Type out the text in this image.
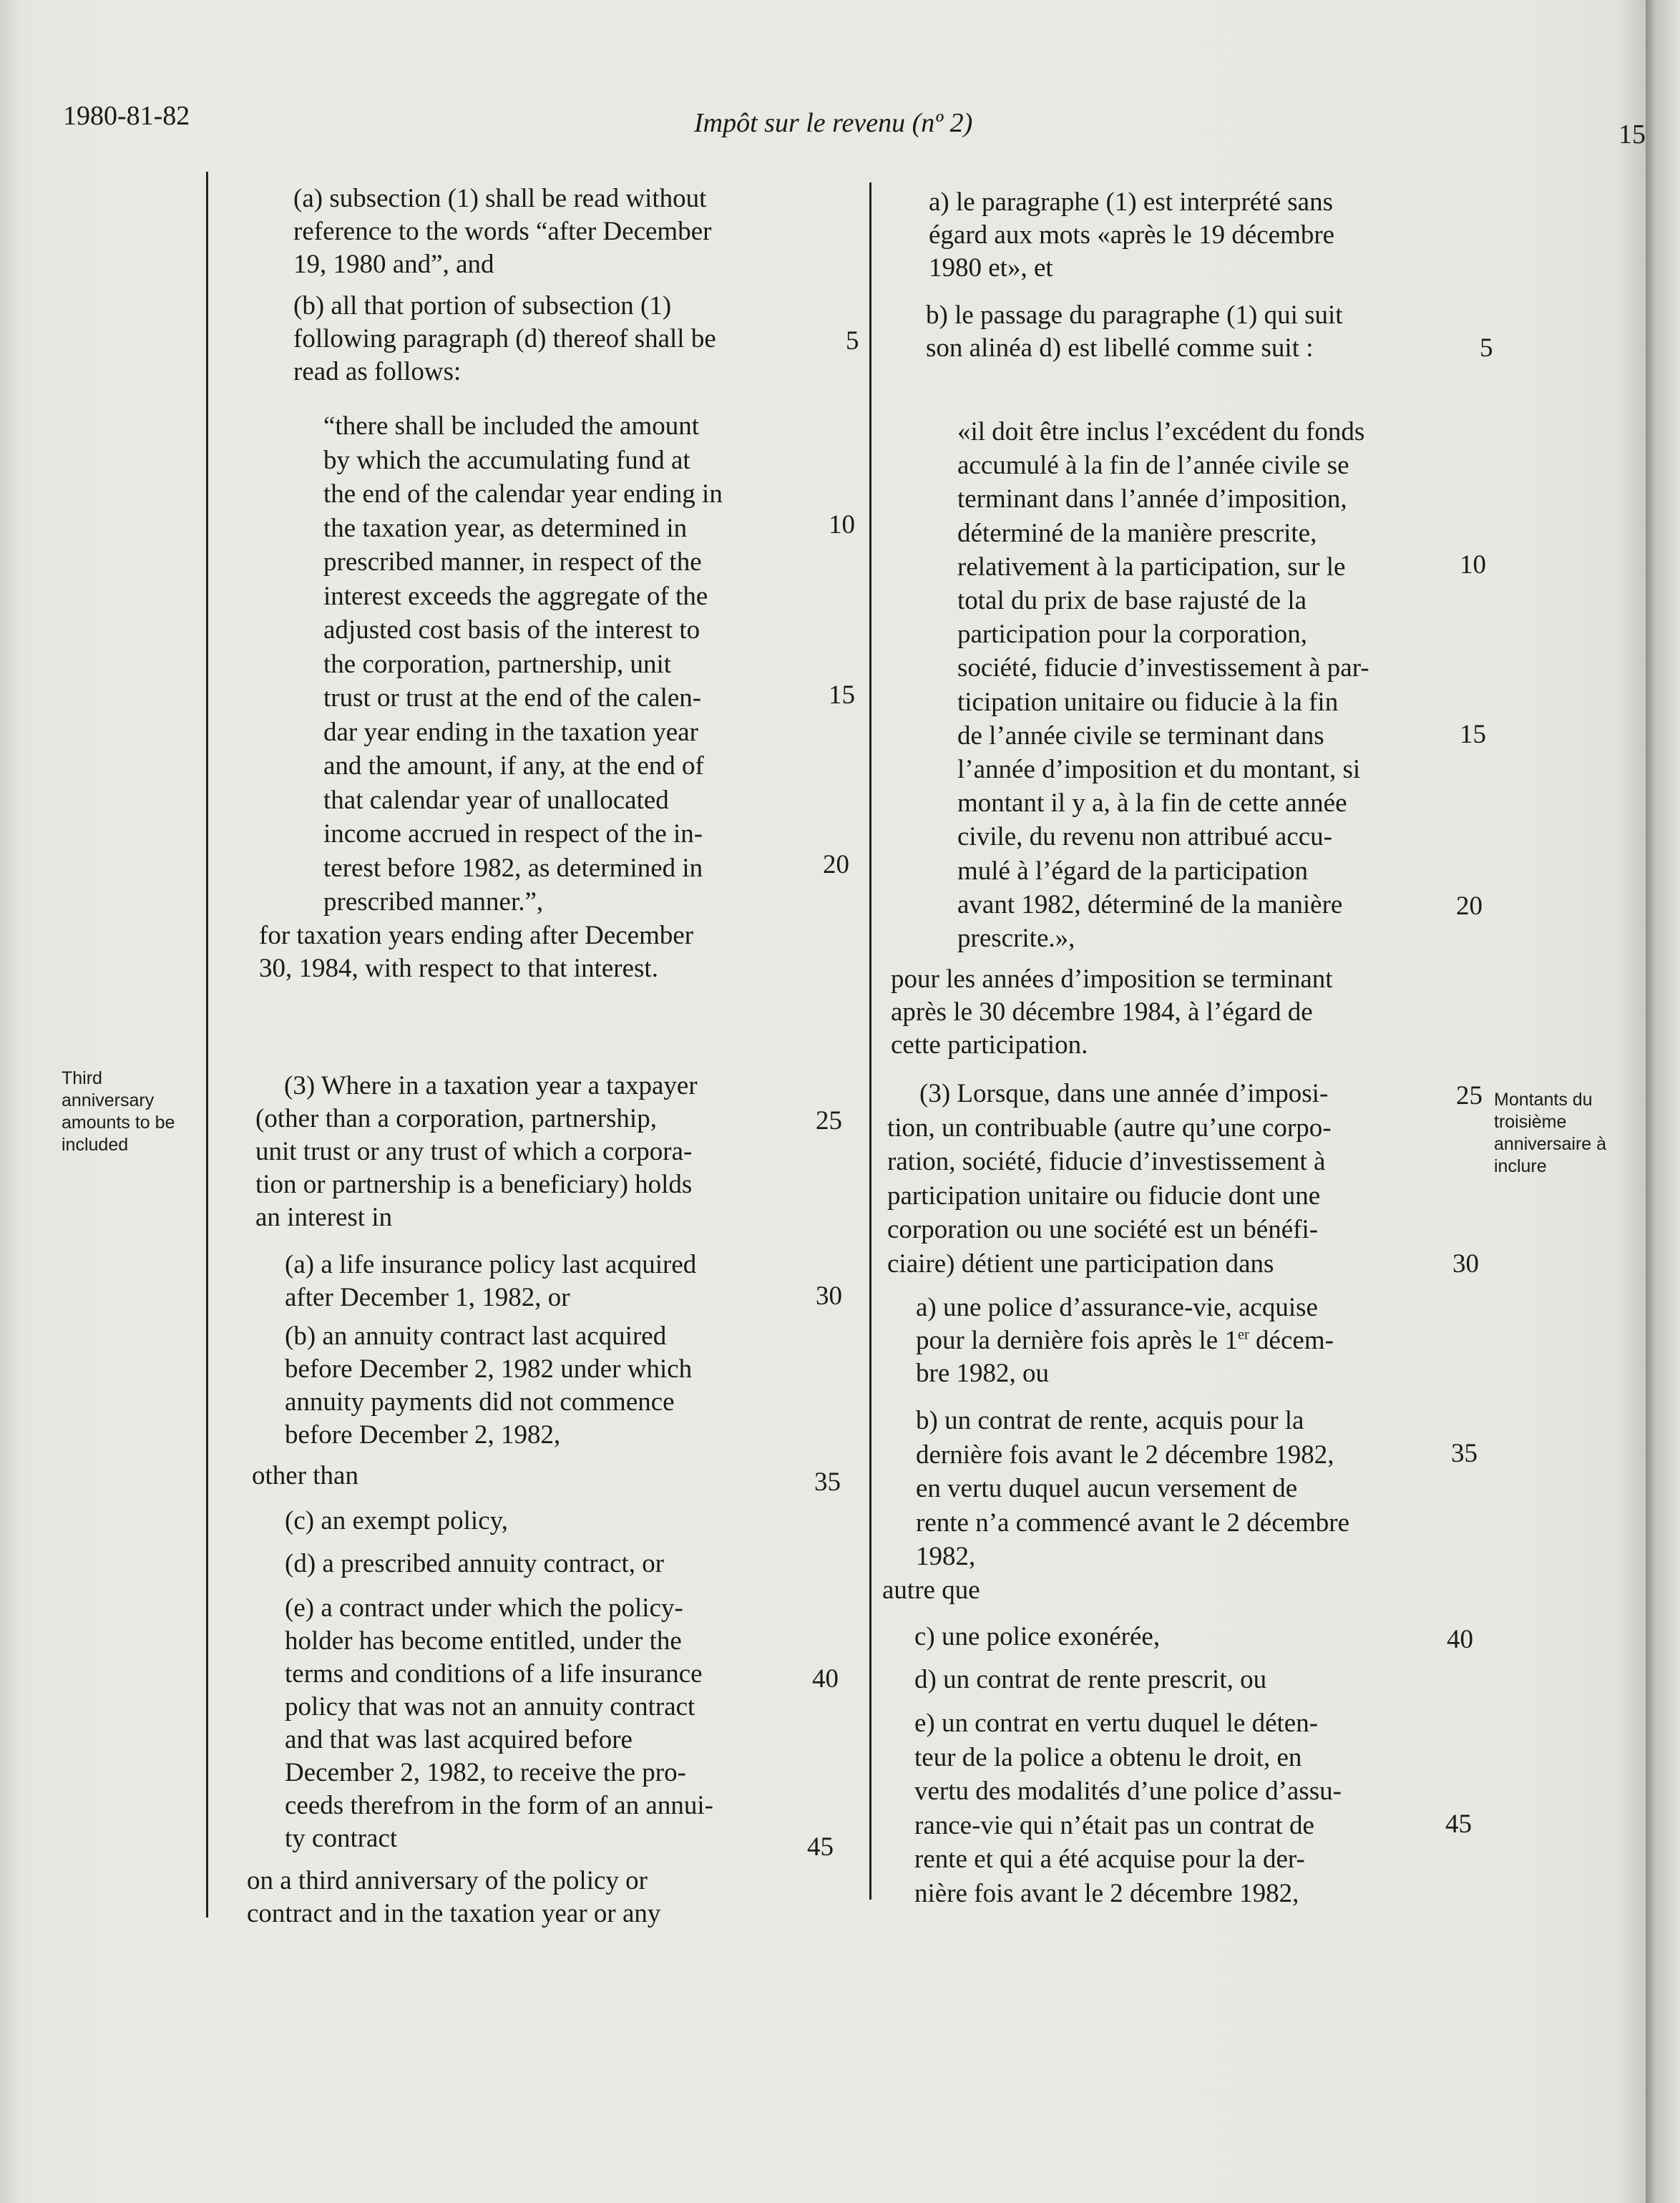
1980-81-82	Impôt sur le revenu (nº 2)	15
Third
anniversary
amounts to be
included
Montants du
troisième
anniversaire à
inclure
(a) subsection (1) shall be read without
reference to the words “after December
19, 1980 and”, and
(b) all that portion of subsection (1)
following paragraph (d) thereof shall be
read as follows:
“there shall be included the amount
by which the accumulating fund at
the end of the calendar year ending in
the taxation year, as determined in
prescribed manner, in respect of the
interest exceeds the aggregate of the
adjusted cost basis of the interest to
the corporation, partnership, unit
trust or trust at the end of the calen-
dar year ending in the taxation year
and the amount, if any, at the end of
that calendar year of unallocated
income accrued in respect of the in-
terest before 1982, as determined in
prescribed manner.”,
for taxation years ending after December
30, 1984, with respect to that interest.
(3) Where in a taxation year a taxpayer
(other than a corporation, partnership,
unit trust or any trust of which a corpora-
tion or partnership is a beneficiary) holds
an interest in
(a) a life insurance policy last acquired
after December 1, 1982, or
(b) an annuity contract last acquired
before December 2, 1982 under which
annuity payments did not commence
before December 2, 1982,
other than
(c) an exempt policy,
(d) a prescribed annuity contract, or
(e) a contract under which the policy-
holder has become entitled, under the
terms and conditions of a life insurance
policy that was not an annuity contract
and that was last acquired before
December 2, 1982, to receive the pro-
ceeds therefrom in the form of an annui-
ty contract
on a third anniversary of the policy or
contract and in the taxation year or any
5
10
15
20
25
30
35
40
45
a) le paragraphe (1) est interprété sans
égard aux mots «après le 19 décembre
1980 et», et
b) le passage du paragraphe (1) qui suit
son alinéa d) est libellé comme suit :
«il doit être inclus l’excédent du fonds
accumulé à la fin de l’année civile se
terminant dans l’année d’imposition,
déterminé de la manière prescrite,
relativement à la participation, sur le
total du prix de base rajusté de la
participation pour la corporation,
société, fiducie d’investissement à par-
ticipation unitaire ou fiducie à la fin
de l’année civile se terminant dans
l’année d’imposition et du montant, si
montant il y a, à la fin de cette année
civile, du revenu non attribué accu-
mulé à l’égard de la participation
avant 1982, déterminé de la manière
prescrite.»,
pour les années d’imposition se terminant
après le 30 décembre 1984, à l’égard de
cette participation.
(3) Lorsque, dans une année d’imposi-
tion, un contribuable (autre qu’une corpo-
ration, société, fiducie d’investissement à
participation unitaire ou fiducie dont une
corporation ou une société est un bénéfi-
ciaire) détient une participation dans
a) une police d’assurance-vie, acquise
pour la dernière fois après le 1er décem-
bre 1982, ou
b) un contrat de rente, acquis pour la
dernière fois avant le 2 décembre 1982,
en vertu duquel aucun versement de
rente n’a commencé avant le 2 décembre
1982,
autre que
c) une police exonérée,
d) un contrat de rente prescrit, ou
e) un contrat en vertu duquel le déten-
teur de la police a obtenu le droit, en
vertu des modalités d’une police d’assu-
rance-vie qui n’était pas un contrat de
rente et qui a été acquise pour la der-
nière fois avant le 2 décembre 1982,
5
10
15
20
25
30
35
40
45
